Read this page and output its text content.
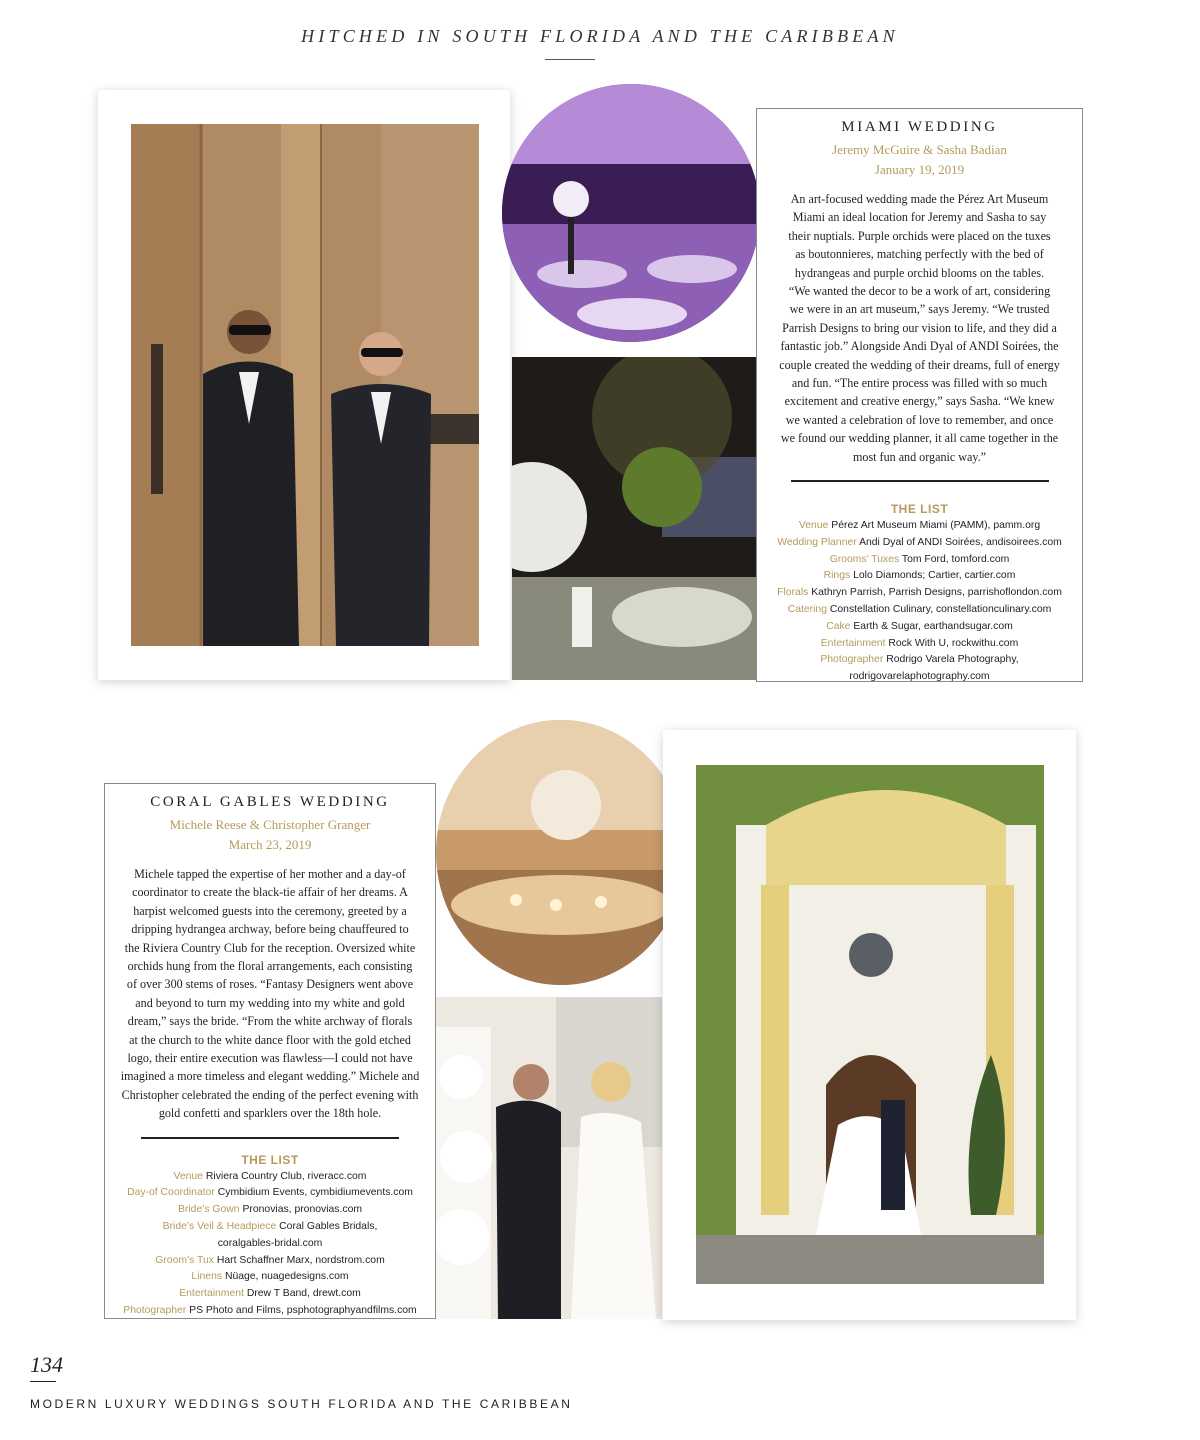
HITCHED IN SOUTH FLORIDA AND THE CARIBBEAN
MIAMI WEDDING
Jeremy McGuire & Sasha Badian
January 19, 2019
An art-focused wedding made the Pérez Art Museum
Miami an ideal location for Jeremy and Sasha to say
their nuptials. Purple orchids were placed on the tuxes
as boutonnieres, matching perfectly with the bed of
hydrangeas and purple orchid blooms on the tables.
“We wanted the decor to be a work of art, considering
we were in an art museum,” says Jeremy. “We trusted
Parrish Designs to bring our vision to life, and they did a
fantastic job.” Alongside Andi Dyal of ANDI Soirées, the
couple created the wedding of their dreams, full of energy
and fun. “The entire process was filled with so much
excitement and creative energy,” says Sasha. “We knew
we wanted a celebration of love to remember, and once
we found our wedding planner, it all came together in the
most fun and organic way.”
THE LIST
Venue Pérez Art Museum Miami (PAMM), pamm.org
Wedding Planner Andi Dyal of ANDI Soirées, andisoirees.com
Grooms’ Tuxes Tom Ford, tomford.com
Rings Lolo Diamonds; Cartier, cartier.com
Florals Kathryn Parrish, Parrish Designs, parrishoflondon.com
Catering Constellation Culinary, constellationculinary.com
Cake Earth & Sugar, earthandsugar.com
Entertainment Rock With U, rockwithu.com
Photographer Rodrigo Varela Photography,
rodrigovarelaphotography.com
CORAL GABLES WEDDING
Michele Reese & Christopher Granger
March 23, 2019
Michele tapped the expertise of her mother and a day-of
coordinator to create the black-tie affair of her dreams. A
harpist welcomed guests into the ceremony, greeted by a
dripping hydrangea archway, before being chauffeured to
the Riviera Country Club for the reception. Oversized white
orchids hung from the floral arrangements, each consisting
of over 300 stems of roses. “Fantasy Designers went above
and beyond to turn my wedding into my white and gold
dream,” says the bride. “From the white archway of florals
at the church to the white dance floor with the gold etched
logo, their entire execution was flawless—I could not have
imagined a more timeless and elegant wedding.” Michele and
Christopher celebrated the ending of the perfect evening with
gold confetti and sparklers over the 18th hole.
THE LIST
Venue Riviera Country Club, riveracc.com
Day-of Coordinator Cymbidium Events, cymbidiumevents.com
Bride’s Gown Pronovias, pronovias.com
Bride’s Veil & Headpiece Coral Gables Bridals,
coralgables-bridal.com
Groom’s Tux Hart Schaffner Marx, nordstrom.com
Linens Nüage, nuagedesigns.com
Entertainment Drew T Band, drewt.com
Photographer PS Photo and Films, psphotographyandfilms.com
134
MODERN LUXURY WEDDINGS SOUTH FLORIDA AND THE CARIBBEAN
